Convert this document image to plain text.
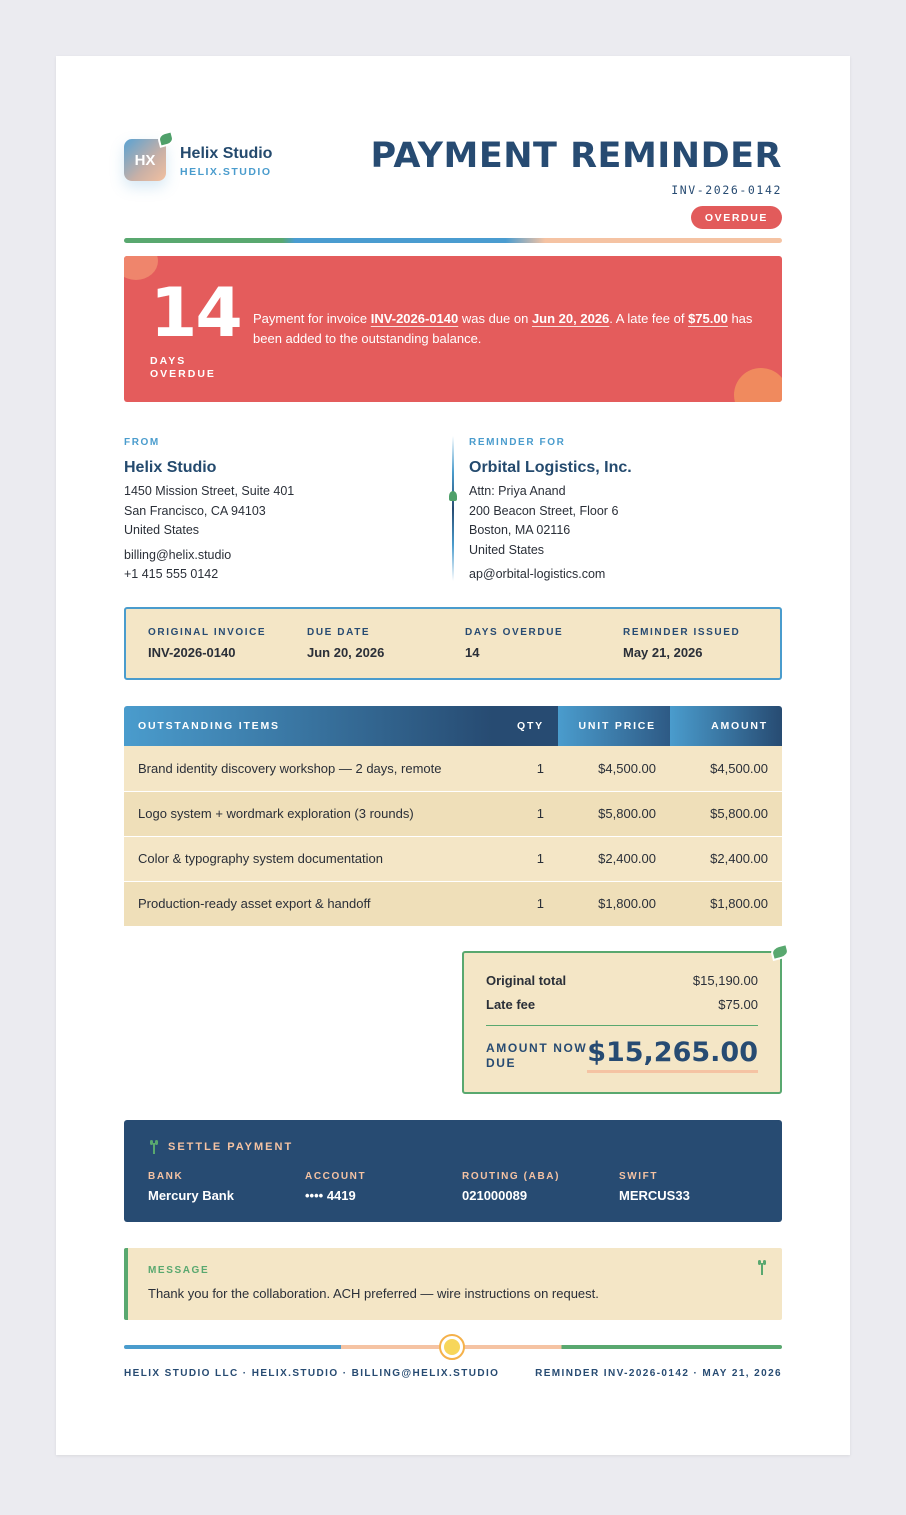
HX Helix Studio
HELIX.STUDIO	PAYMENT REMINDER
INV-2026-0142
OVERDUE
14
DAYS OVERDUE
Payment for invoice INV-2026-0140 was due on Jun 20, 2026. A late fee of $75.00 has been added to the outstanding balance.
FROM
Helix Studio
1450 Mission Street, Suite 401
San Francisco, CA 94103
United States
billing@helix.studio
+1 415 555 0142
REMINDER FOR
Orbital Logistics, Inc.
Attn: Priya Anand
200 Beacon Street, Floor 6
Boston, MA 02116
United States
ap@orbital-logistics.com
ORIGINAL INVOICE
INV-2026-0140
DUE DATE
Jun 20, 2026
DAYS OVERDUE
14
REMINDER ISSUED
May 21, 2026
OUTSTANDING ITEMS	QTY	UNIT PRICE	AMOUNT
Brand identity discovery workshop — 2 days, remote	1	$4,500.00	$4,500.00
Logo system + wordmark exploration (3 rounds)	1	$5,800.00	$5,800.00
Color & typography system documentation	1	$2,400.00	$2,400.00
Production-ready asset export & handoff	1	$1,800.00	$1,800.00
Original total	$15,190.00
Late fee	$75.00
AMOUNT NOW DUE	$15,265.00
SETTLE PAYMENT
BANK
Mercury Bank
ACCOUNT
•••• 4419
ROUTING (ABA)
021000089
SWIFT
MERCUS33
MESSAGE
Thank you for the collaboration. ACH preferred — wire instructions on request.
HELIX STUDIO LLC · HELIX.STUDIO · BILLING@HELIX.STUDIO	REMINDER INV-2026-0142 · MAY 21, 2026
